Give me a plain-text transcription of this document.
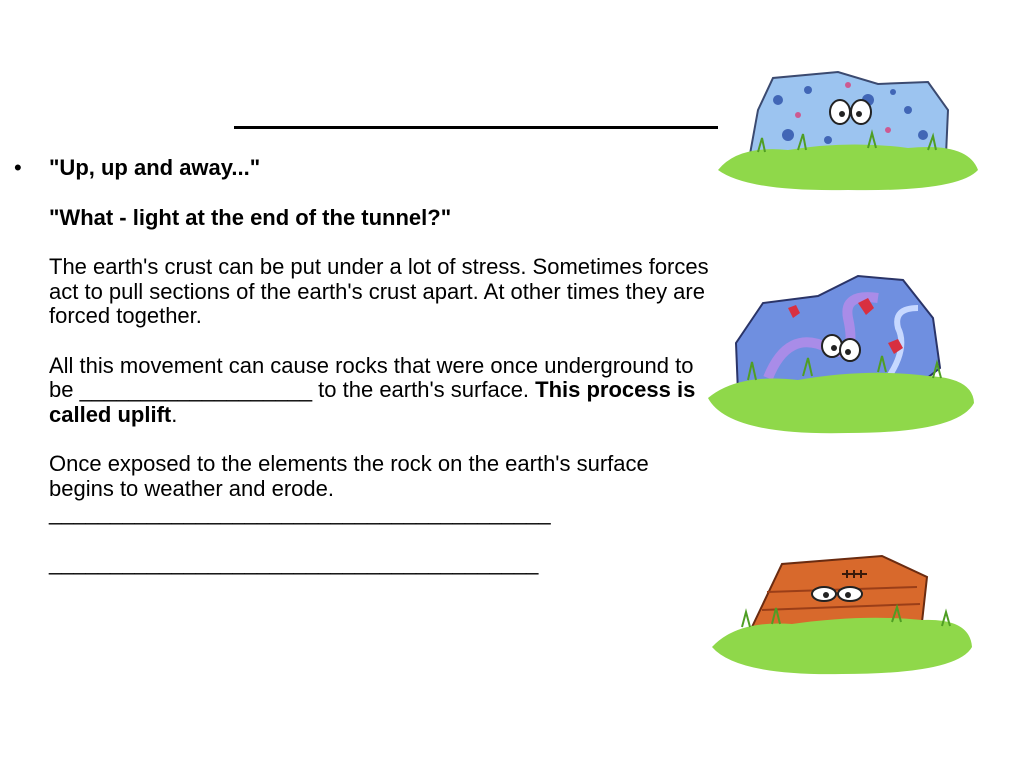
• "Up, up and away..."

"What - light at the end of the tunnel?"

The earth's crust can be put under a lot of stress. Sometimes forces act to pull sections of the earth's crust apart. At other times they are forced together.

All this movement can cause rocks that were once underground to be ___________________ to the earth's surface. This process is called uplift.

Once exposed to the elements the rock on the earth's surface begins to weather and erode.
_________________________________________

________________________________________
